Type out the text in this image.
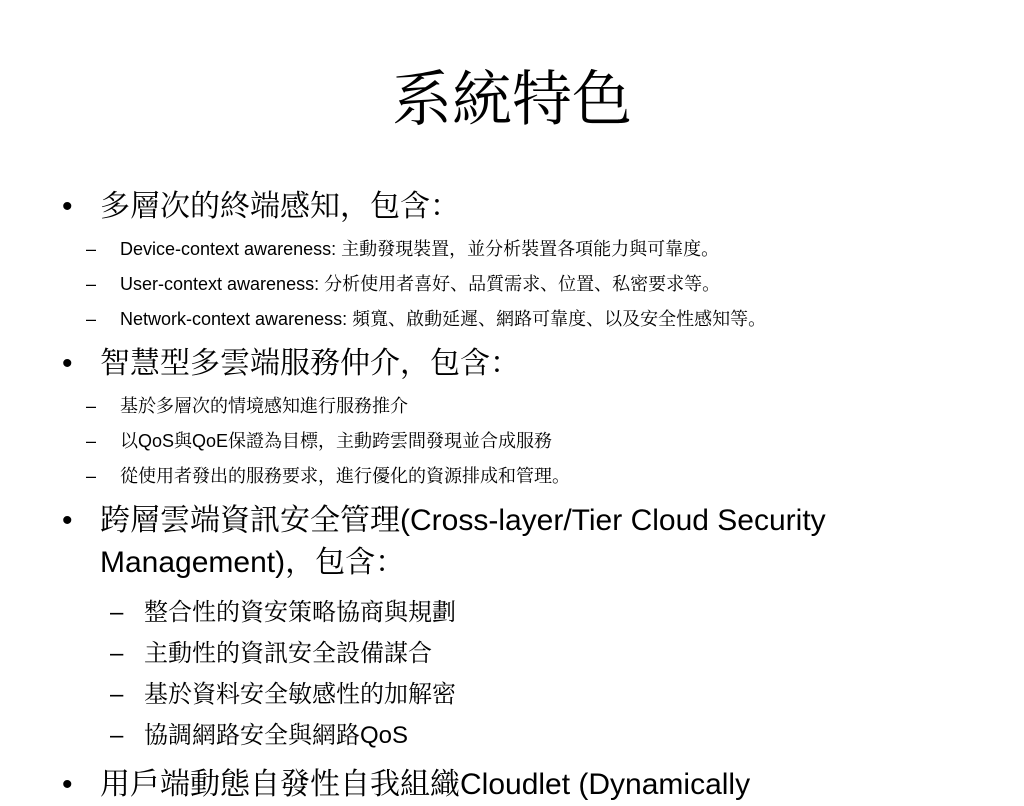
系統特色
• 多層次的終端感知，包含：
– Device-context awareness: 主動發現裝置，並分析裝置各項能力與可靠度。
– User-context awareness: 分析使用者喜好、品質需求、位置、私密要求等。
– Network-context awareness: 頻寬、啟動延遲、網路可靠度、以及安全性感知等。
• 智慧型多雲端服務仲介，包含：
– 基於多層次的情境感知進行服務推介
– 以QoS與QoE保證為目標，主動跨雲間發現並合成服務
– 從使用者發出的服務要求，進行優化的資源排成和管理。
• 跨層雲端資訊安全管理(Cross-layer/Tier Cloud Security Management)，包含：
– 整合性的資安策略協商與規劃
– 主動性的資訊安全設備謀合
– 基於資料安全敏感性的加解密
– 協調網路安全與網路QoS
• 用戶端動態自發性自我組織Cloudlet (Dynamically
